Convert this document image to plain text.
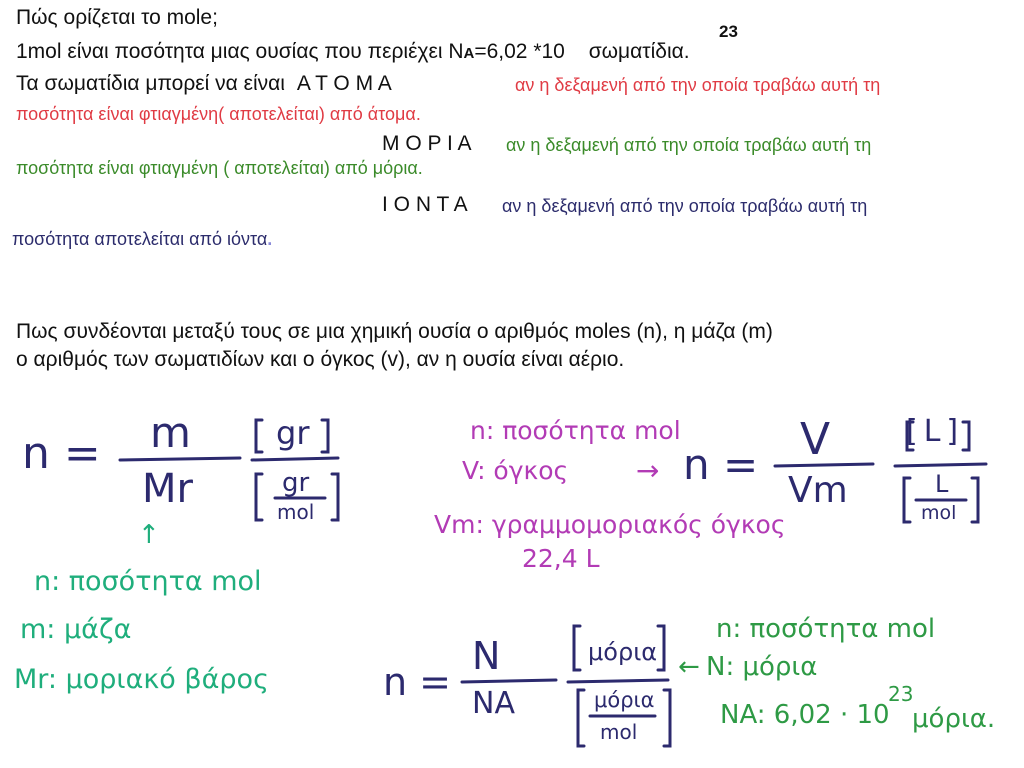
Πώς ορίζεται το mole;

1mol είναι ποσότητα μιας ουσίας που περιέχει NA=6,02 *10 σωματίδια.

23

Τα σωματίδια μπορεί να είναι Α Τ Ο Μ Α	αν η δεξαμενή από την οποία τραβάω αυτή τη
ποσότητα είναι φτιαγμένη( αποτελείται) από άτομα.
Μ Ο Ρ Ι Α αν η δεξαμενή από την οποία τραβάω αυτή τη
ποσότητα είναι φτιαγμένη ( αποτελείται) από μόρια.
Ι Ο Ν Τ Α αν η δεξαμενή από την οποία τραβάω αυτή τη
ποσότητα αποτελείται από ιόντα.
Πως συνδέονται μεταξύ τους σε μια χημική ουσία ο αριθμός moles (n), η μάζα (m)
ο αριθμός των σωματιδίων και ο όγκος (v), αν η ουσία είναι αέριο.
n = m
Mr
gr
gr
mol
↑
n: ποσότητα mol
m: μάζα
Mr: μοριακό βάρος
n: ποσότητα mol
V: όγκος →
Vm: γραμμομοριακός όγκος
22,4 L
n = V
Vm
[L]
L
mol
n =
N
NA
μόρια
μόρια
mol
←
n: ποσότητα mol
N: μόρια
NA: 6,02 · 10
23
μόρια.
